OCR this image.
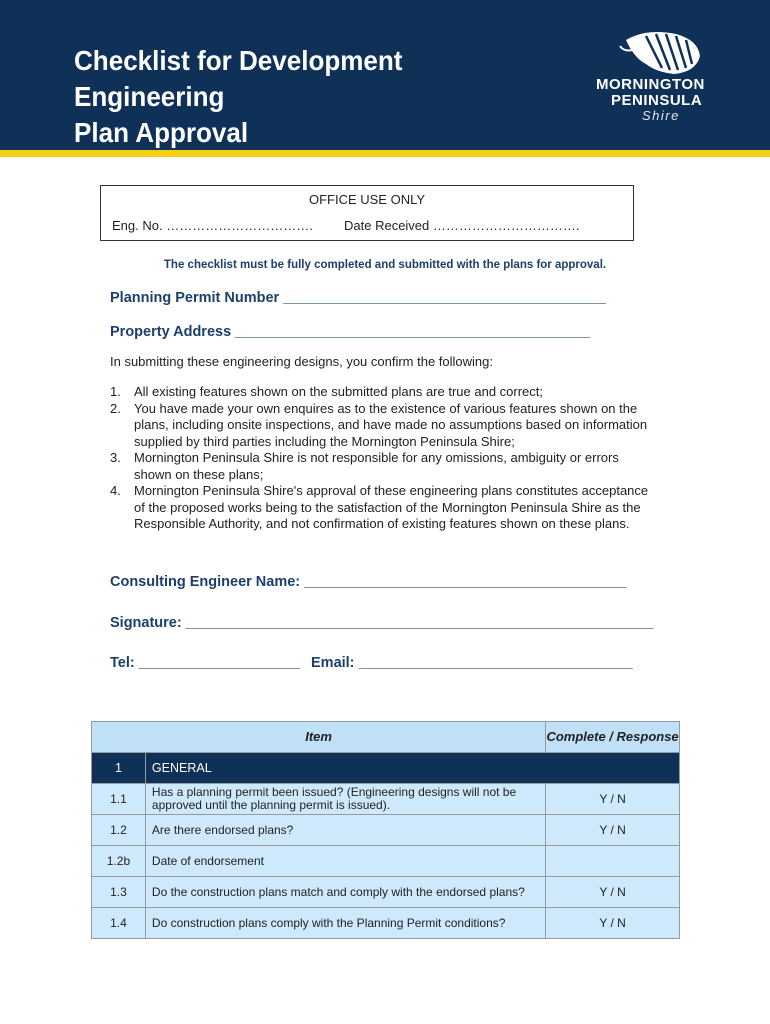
Checklist for Development Engineering
Plan Approval
MORNINGTON
PENINSULA
Shire
OFFICE USE ONLY
Eng. No. ……………………………. Date Received …………………………….
The checklist must be fully completed and submitted with the plans for approval.
Planning Permit Number ________________________________________
Property Address ____________________________________________
In submitting these engineering designs, you confirm the following:
1.	All existing features shown on the submitted plans are true and correct;
2.	You have made your own enquires as to the existence of various features shown on the plans, including onsite inspections, and have made no assumptions based on information supplied by third parties including the Mornington Peninsula Shire;
3.	Mornington Peninsula Shire is not responsible for any omissions, ambiguity or errors shown on these plans;
4.	Mornington Peninsula Shire's approval of these engineering plans constitutes acceptance of the proposed works being to the satisfaction of the Mornington Peninsula Shire as the Responsible Authority, and not confirmation of existing features shown on these plans.
Consulting Engineer Name: ________________________________________
Signature: __________________________________________________________
Tel: ____________________ Email: __________________________________
Item		Complete / Response
1	GENERAL	
1.1	Has a planning permit been issued? (Engineering designs will not be approved until the planning permit is issued).	Y / N
1.2	Are there endorsed plans?	Y / N
1.2b	Date of endorsement	
1.3	Do the construction plans match and comply with the endorsed plans?	Y / N
1.4	Do construction plans comply with the Planning Permit conditions?	Y / N
